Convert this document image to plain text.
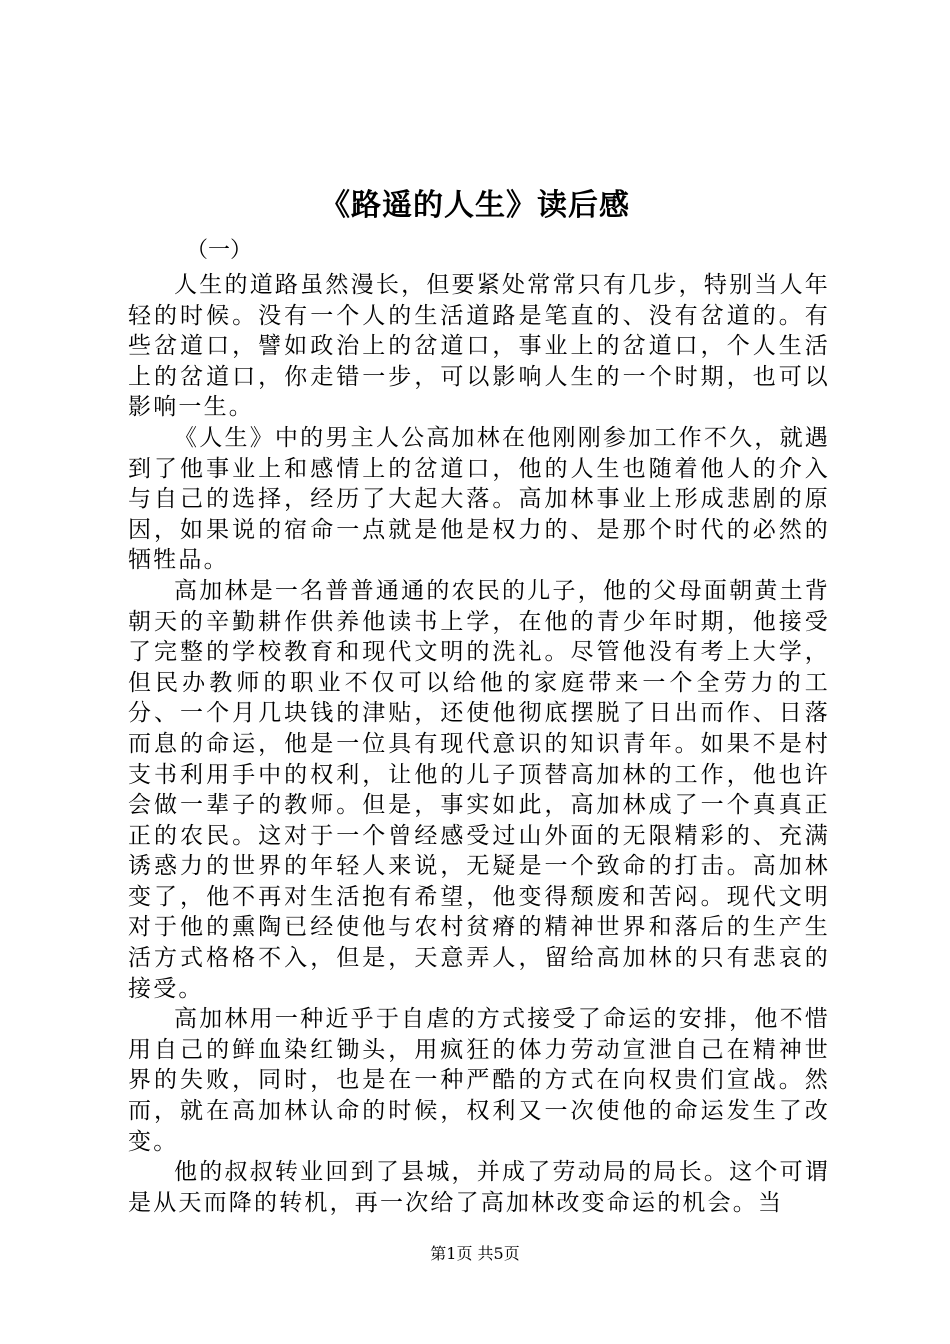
《路遥的人生》读后感
（一）

人生的道路虽然漫长，但要紧处常常只有几步，特别当人年轻的时候。没有一个人的生活道路是笔直的、没有岔道的。有些岔道口，譬如政治上的岔道口，事业上的岔道口，个人生活上的岔道口，你走错一步，可以影响人生的一个时期，也可以影响一生。

《人生》中的男主人公高加林在他刚刚参加工作不久，就遇到了他事业上和感情上的岔道口，他的人生也随着他人的介入与自己的选择，经历了大起大落。高加林事业上形成悲剧的原因，如果说的宿命一点就是他是权力的、是那个时代的必然的牺牲品。

高加林是一名普普通通的农民的儿子，他的父母面朝黄土背朝天的辛勤耕作供养他读书上学，在他的青少年时期，他接受了完整的学校教育和现代文明的洗礼。尽管他没有考上大学，但民办教师的职业不仅可以给他的家庭带来一个全劳力的工分、一个月几块钱的津贴，还使他彻底摆脱了日出而作、日落而息的命运，他是一位具有现代意识的知识青年。如果不是村支书利用手中的权利，让他的儿子顶替高加林的工作，他也许会做一辈子的教师。但是，事实如此，高加林成了一个真真正正的农民。这对于一个曾经感受过山外面的无限精彩的、充满诱惑力的世界的年轻人来说，无疑是一个致命的打击。高加林变了，他不再对生活抱有希望，他变得颓废和苦闷。现代文明对于他的熏陶已经使他与农村贫瘠的精神世界和落后的生产生活方式格格不入，但是，天意弄人，留给高加林的只有悲哀的接受。

高加林用一种近乎于自虐的方式接受了命运的安排，他不惜用自己的鲜血染红锄头，用疯狂的体力劳动宣泄自己在精神世界的失败，同时，也是在一种严酷的方式在向权贵们宣战。然而，就在高加林认命的时候，权利又一次使他的命运发生了改变。

他的叔叔转业回到了县城，并成了劳动局的局长。这个可谓是从天而降的转机，再一次给了高加林改变命运的机会。当

第1页 共5页
